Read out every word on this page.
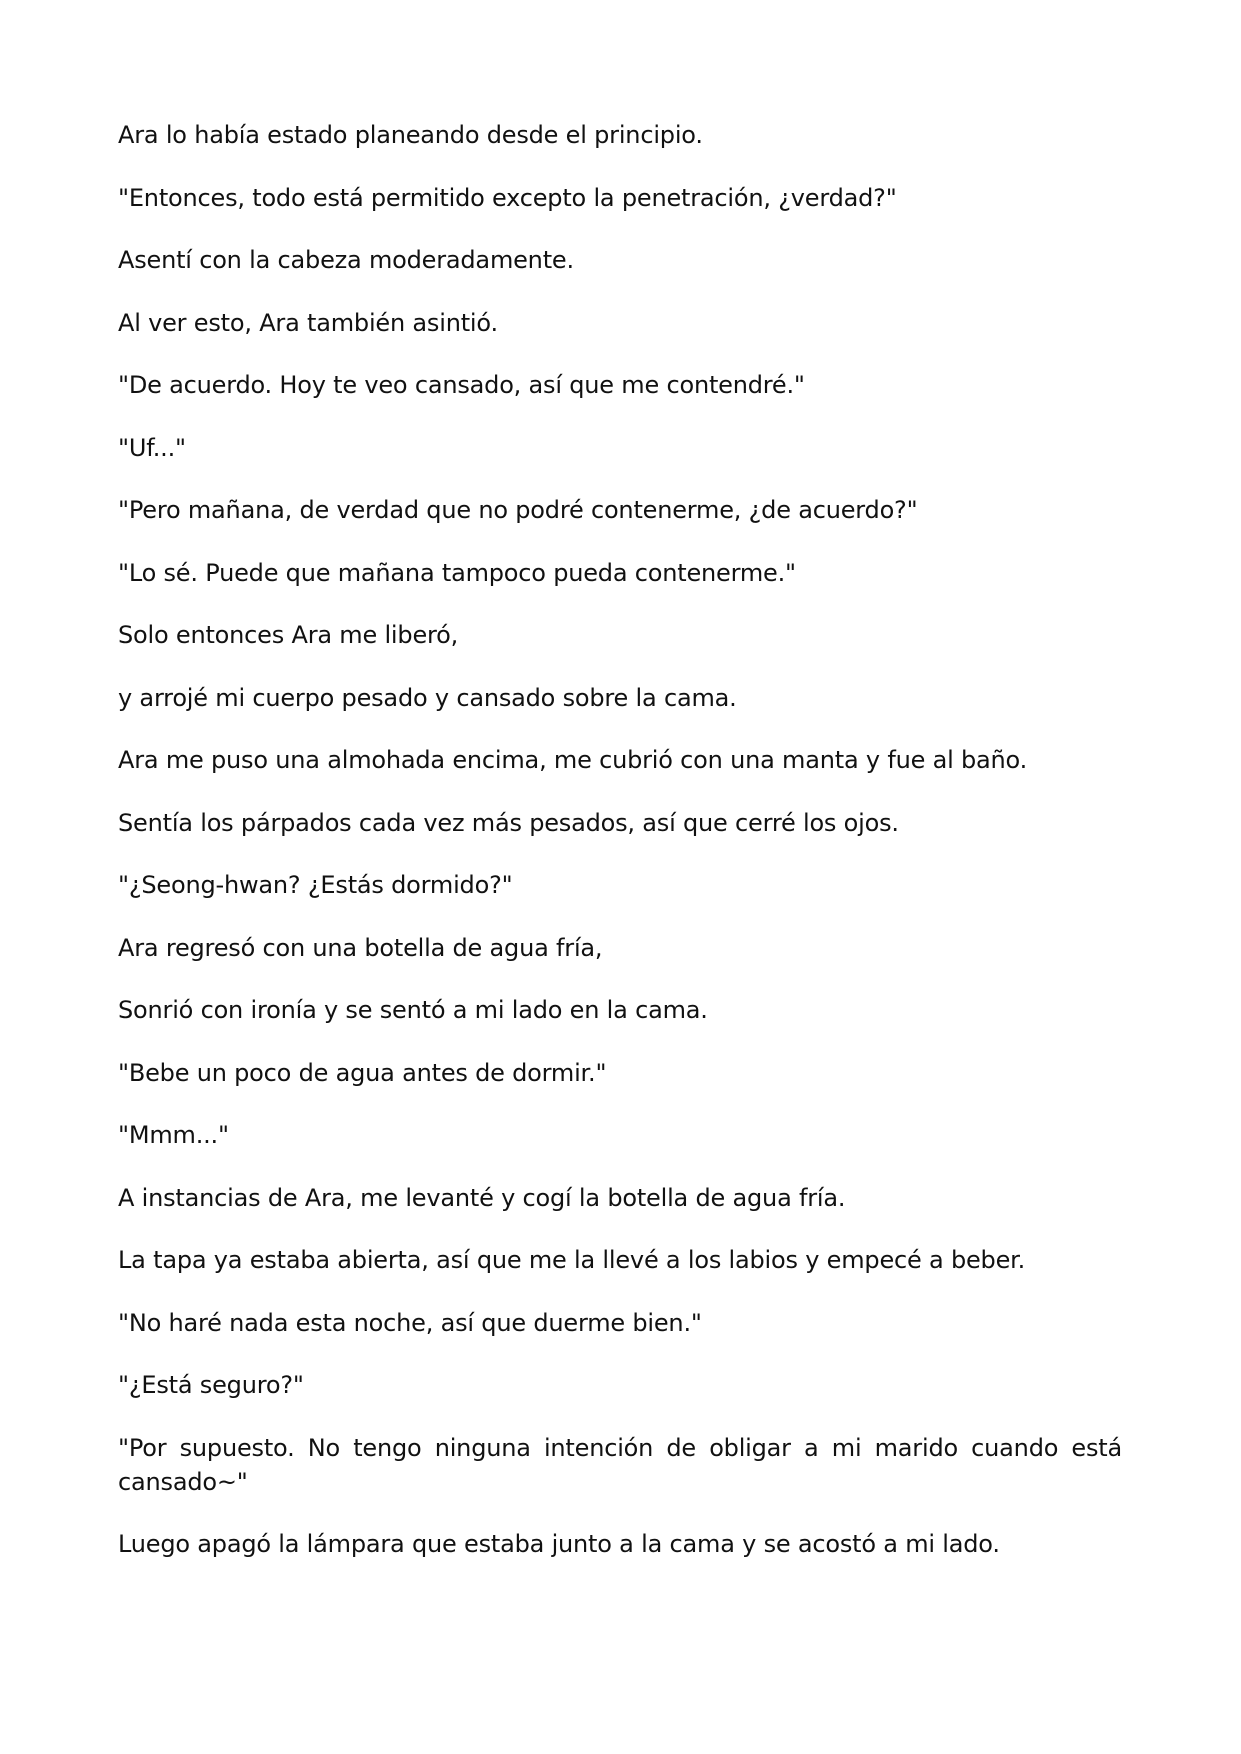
Ara lo había estado planeando desde el principio.

"Entonces, todo está permitido excepto la penetración, ¿verdad?"

Asentí con la cabeza moderadamente.

Al ver esto, Ara también asintió.

"De acuerdo. Hoy te veo cansado, así que me contendré."

"Uf..."

"Pero mañana, de verdad que no podré contenerme, ¿de acuerdo?"

"Lo sé. Puede que mañana tampoco pueda contenerme."

Solo entonces Ara me liberó,

y arrojé mi cuerpo pesado y cansado sobre la cama.

Ara me puso una almohada encima, me cubrió con una manta y fue al baño.

Sentía los párpados cada vez más pesados, así que cerré los ojos.

"¿Seong-hwan? ¿Estás dormido?"

Ara regresó con una botella de agua fría,

Sonrió con ironía y se sentó a mi lado en la cama.

"Bebe un poco de agua antes de dormir."

"Mmm..."

A instancias de Ara, me levanté y cogí la botella de agua fría.

La tapa ya estaba abierta, así que me la llevé a los labios y empecé a beber.

"No haré nada esta noche, así que duerme bien."

"¿Está seguro?"

"Por supuesto. No tengo ninguna intención de obligar a mi marido cuando está cansado~"

Luego apagó la lámpara que estaba junto a la cama y se acostó a mi lado.
